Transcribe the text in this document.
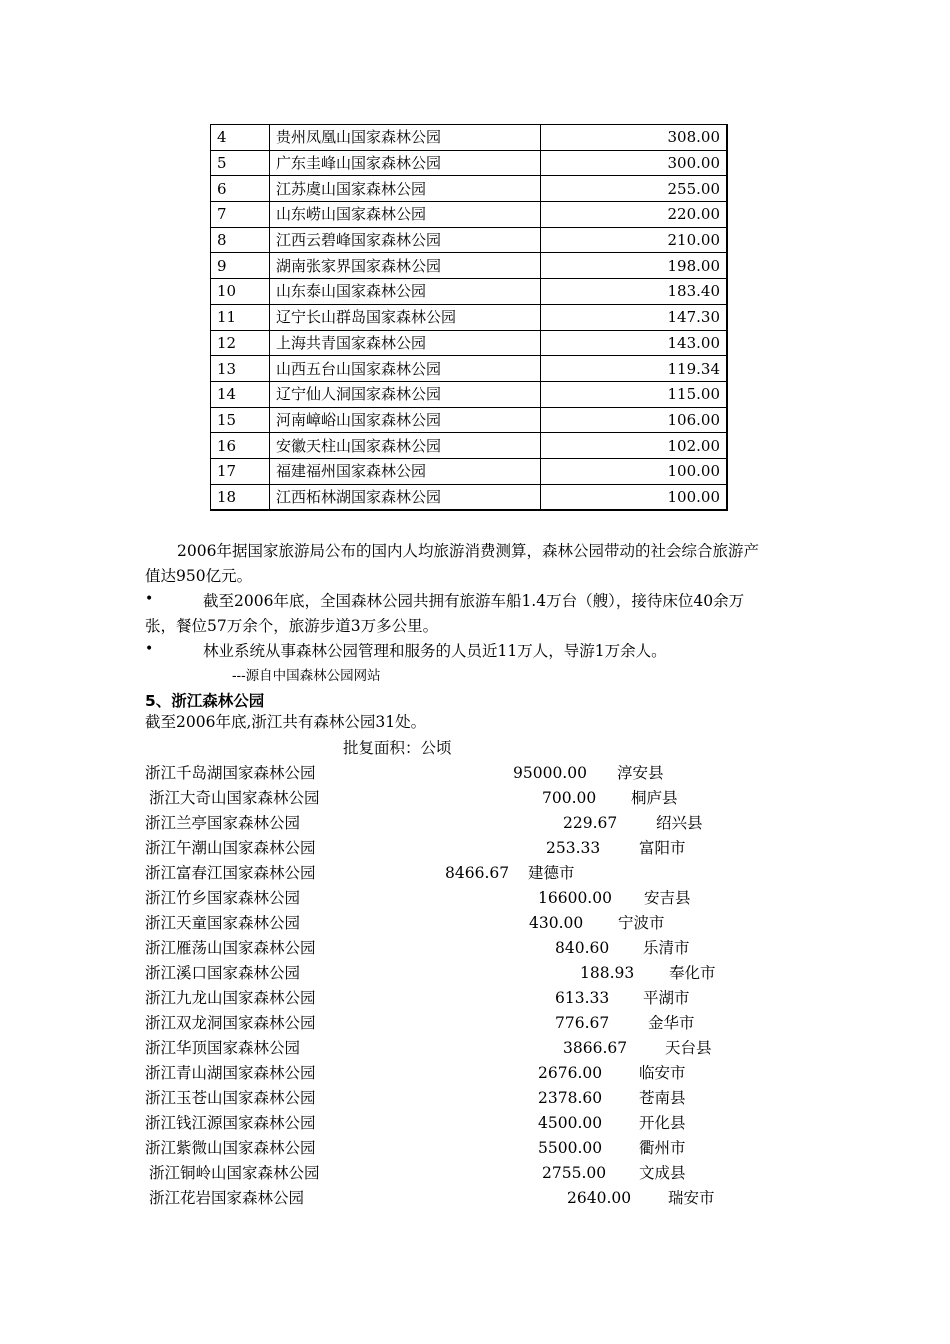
4	贵州凤凰山国家森林公园	308.00
5	广东圭峰山国家森林公园	300.00
6	江苏虞山国家森林公园	255.00
7	山东崂山国家森林公园	220.00
8	江西云碧峰国家森林公园	210.00
9	湖南张家界国家森林公园	198.00
10	山东泰山国家森林公园	183.40
11	辽宁长山群岛国家森林公园	147.30
12	上海共青国家森林公园	143.00
13	山西五台山国家森林公园	119.34
14	辽宁仙人洞国家森林公园	115.00
15	河南嶂峪山国家森林公园	106.00
16	安徽天柱山国家森林公园	102.00
17	福建福州国家森林公园	100.00
18	江西柘林湖国家森林公园	100.00
2006年据国家旅游局公布的国内人均旅游消费测算，森林公园带动的社会综合旅游产
值达950亿元。
•	截至2006年底，全国森林公园共拥有旅游车船1.4万台（艘），接待床位40余万
张，餐位57万余个，旅游步道3万多公里。
•	林业系统从事森林公园管理和服务的人员近11万人，导游1万余人。
---源自中国森林公园网站
5、浙江森林公园
截至2006年底,浙江共有森林公园31处。
批复面积：公顷
浙江千岛湖国家森林公园	95000.00 淳安县
浙江大奇山国家森林公园	700.00 桐庐县
浙江兰亭国家森林公园	229.67	绍兴县
浙江午潮山国家森林公园	253.33	富阳市
浙江富春江国家森林公园	8466.67 建德市
浙江竹乡国家森林公园	16600.00 安吉县
浙江天童国家森林公园	430.00 宁波市
浙江雁荡山国家森林公园	840.60 乐清市
浙江溪口国家森林公园	188.93 奉化市
浙江九龙山国家森林公园	613.33 平湖市
浙江双龙洞国家森林公园	776.67	金华市
浙江华顶国家森林公园	3866.67 天台县
浙江青山湖国家森林公园	2676.00 临安市
浙江玉苍山国家森林公园	2378.60 苍南县
浙江钱江源国家森林公园	4500.00 开化县
浙江紫微山国家森林公园	5500.00 衢州市
浙江铜岭山国家森林公园	2755.00 文成县
浙江花岩国家森林公园	2640.00 瑞安市
